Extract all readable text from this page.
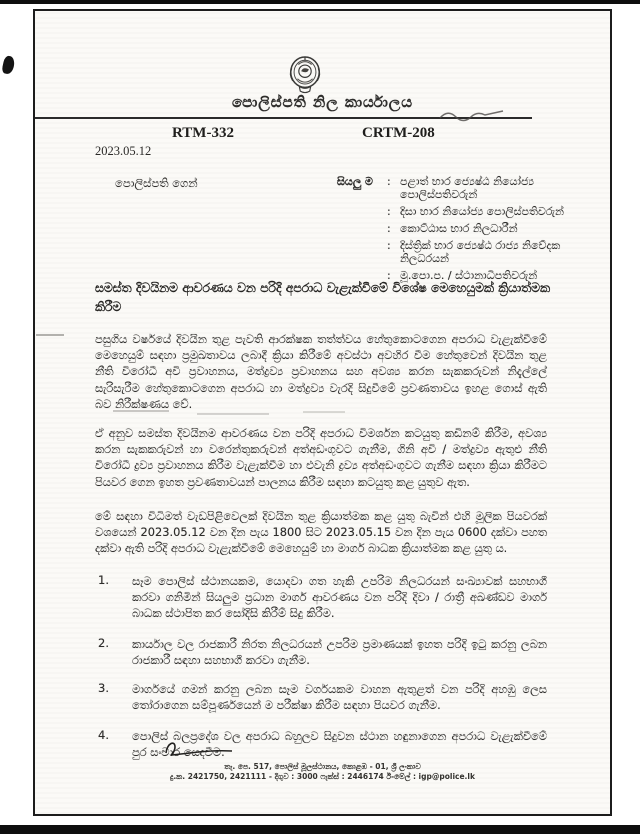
පොලිස්පති නිල කාර්යාලය
RTM-332	CRTM-208
2023.05.12
පොලිස්පති ගෙන්	සියලු ම	: පළාත් භාර ජ්‍යෙෂ්ඨ නියෝජ්‍ය පොලිස්පතිවරුන්
: දිසා භාර නියෝජ්‍ය පොලිස්පතිවරුන්
: කොට්ඨාස භාර නිලධාරීන්
: දිස්ත්‍රික් භාර ජ්‍යෙෂ්ඨ රාජ්‍ය නිවේදක නිලධරයන්
: මූ.පො.ප. / ස්ථානාධිපතිවරුන්
සමස්ත දිවයිනම ආවරණය වන පරිදි අපරාධ වැළැක්වීමේ විශේෂ මෙහෙයුමක් ක්‍රියාත්මක කිරීම
පසුගිය වර්ෂයේ දිවයින තුළ පැවති ආරක්ෂක තත්ත්වය හේතුකොටගෙන අපරාධ වැළැක්වීමේ මෙහෙයුම් සඳහා ප්‍රමුඛතාවය ලබාදී ක්‍රියා කිරීමේ අවස්ථා අවහිර වීම හේතුවෙන් දිවයින තුළ නීති විරෝධී අවි ප්‍රවාහනය, මත්ද්‍රව්‍ය ප්‍රවාහනය සහ අවශ්‍ය කරන සැකකරුවන් නිදැල්ලේ සැරිසැරීම හේතුකොටගෙන අපරාධ හා මත්ද්‍රව්‍ය වැරදි සිදුවීමේ ප්‍රවණතාවය ඉහළ ගොස් ඇති බව නිරීක්ෂණය වේ.
ඒ අනුව සමස්ත දිවයිනම ආවරණය වන පරිදි අපරාධ විමර්ශන කටයුතු කඩිනම් කිරීම, අවශ්‍ය කරන සැකකරුවන් හා වරෙන්තුකරුවන් අත්අඩංගුවට ගැනීම, ගිනි අවි / මත්ද්‍රව්‍ය ඇතුළු නීති විරෝධී ද්‍රව්‍ය ප්‍රවාහනය කිරීම වැළැක්වීම හා එවැනි ද්‍රව්‍ය අත්අඩංගුවට ගැනීම සඳහා ක්‍රියා කිරීමට පියවර ගෙන ඉහත ප්‍රවණතාවයන් පාලනය කිරීම සඳහා කටයුතු කළ යුතුව ඇත.
මේ සඳහා විධිමත් වැඩපිළිවෙලක් දිවයින තුළ ක්‍රියාත්මක කළ යුතු බැවින් එහි මූලික පියවරක් වශයෙන් 2023.05.12 වන දින පැය 1800 සිට 2023.05.15 වන දින පැය 0600 දක්වා පහත දක්වා ඇති පරිදි අපරාධ වැළැක්වීමේ මෙහෙයුම් හා මාර්ග බාධක ක්‍රියාත්මක කළ යුතු ය.
1.	සෑම පොලිස් ස්ථානයකම, යොදවා ගත හැකි උපරිම නිලධරයන් සංඛ්‍යාවක් සහභාගී කරවා ගනිමින් සියලුම ප්‍රධාන මාර්ග ආවරණය වන පරිදි දිවා / රාත්‍රී අඛණ්ඩව මාර්ග බාධක ස්ථාපිත කර සෝදිසි කිරීම් සිදු කිරීම.
2.	කාර්යාල වල රාජකාරී නිරත නිලධරයන් උපරිම ප්‍රමාණයක් ඉහත පරිදි ඉටු කරනු ලබන රාජකාරී සඳහා සහභාගී කරවා ගැනීම.
3.	මාර්ගයේ ගමන් කරනු ලබන සෑම වර්ගයකම වාහන ඇතුළත් වන පරිදි අහඹු ලෙස තෝරාගෙන සම්පූර්ණයෙන් ම පරීක්ෂා කිරීම සඳහා පියවර ගැනීම.
4.	පොලිස් බලප්‍රදේශ වල අපරාධ බහුලව සිදුවන ස්ථාන හඳුනාගෙන අපරාධ වැළැක්වීමේ පුර සංචාර යෙදවීම.
තැ. පෙ. 517, පොලිස් මූලස්ථානය, කොළඹ - 01, ශ්‍රී ලංකාව
දු.ක. 2421750, 2421111 - දිගුව : 3000 ෆැක්ස් : 2446174 ඊ-මේල් : igp@police.lk
